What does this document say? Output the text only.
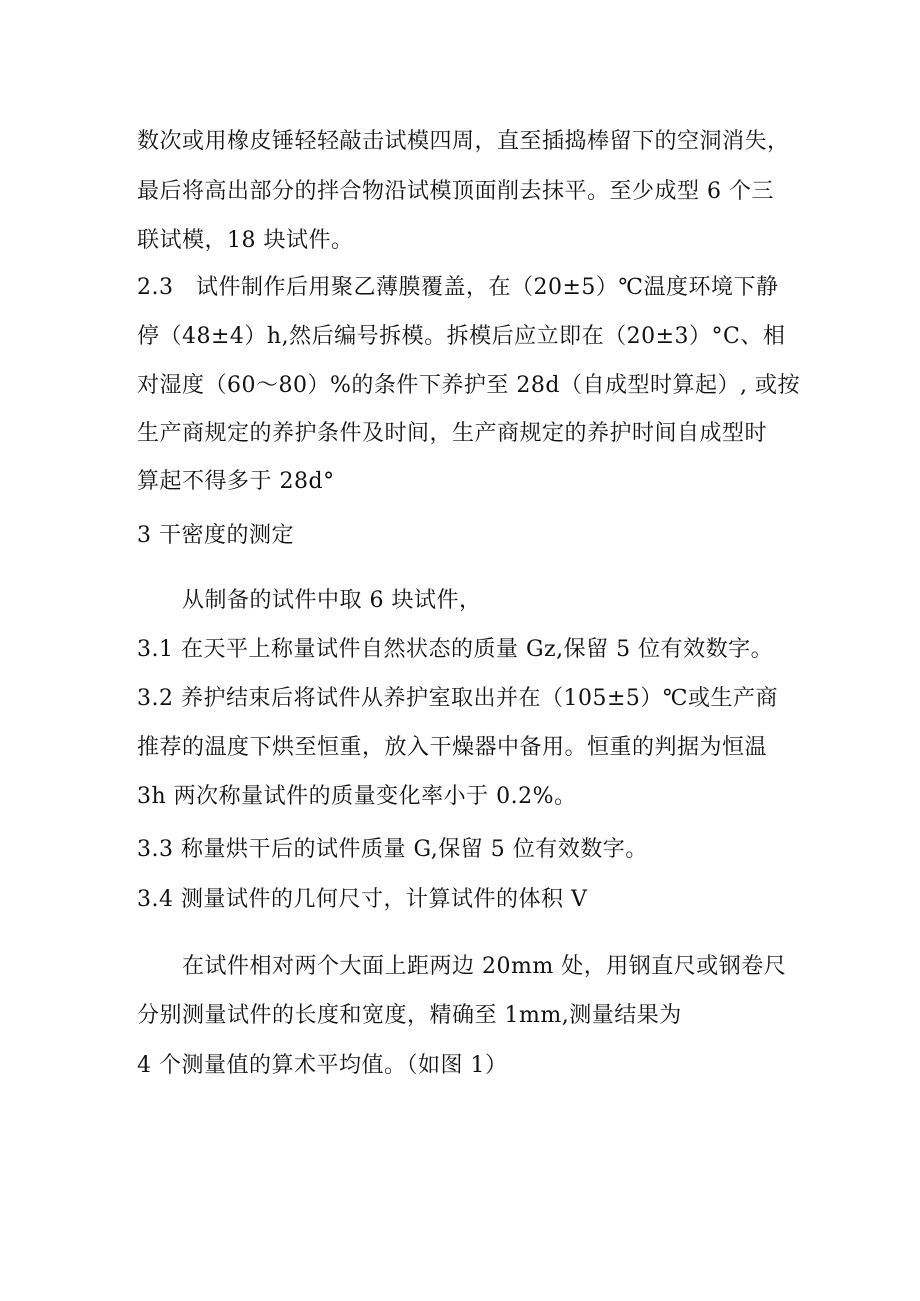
数次或用橡皮锤轻轻敲击试模四周，直至插捣棒留下的空洞消失，
最后将高出部分的拌合物沿试模顶面削去抹平。至少成型 6 个三
联试模，18 块试件。
2.3　试件制作后用聚乙薄膜覆盖，在（20±5）℃温度环境下静
停（48±4）h,然后编号拆模。拆模后应立即在（20±3）°C、相
对湿度（60～80）%的条件下养护至 28d（自成型时算起）, 或按
生产商规定的养护条件及时间，生产商规定的养护时间自成型时
算起不得多于 28d°
3 干密度的测定
从制备的试件中取 6 块试件，
3.1 在天平上称量试件自然状态的质量 Gz,保留 5 位有效数字。
3.2 养护结束后将试件从养护室取出并在（105±5）℃或生产商
推荐的温度下烘至恒重，放入干燥器中备用。恒重的判据为恒温
3h 两次称量试件的质量变化率小于 0.2%。
3.3 称量烘干后的试件质量 G,保留 5 位有效数字。
3.4 测量试件的几何尺寸，计算试件的体积 V
在试件相对两个大面上距两边 20mm 处，用钢直尺或钢卷尺
分别测量试件的长度和宽度，精确至 1mm,测量结果为
4 个测量值的算术平均值。（如图 1）
